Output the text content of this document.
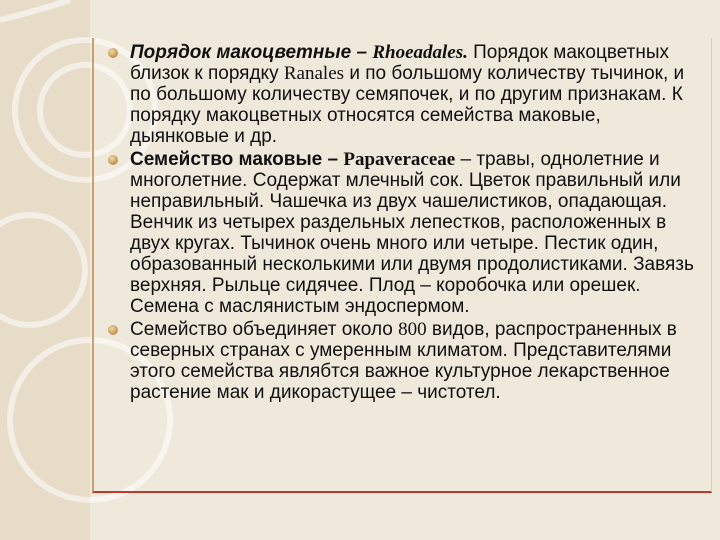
Порядок макоцветные – Rhoeadales. Порядок макоцветных близок к порядку Ranales и по большому количеству тычинок, и по большому количеству семяпочек, и по другим признакам. К порядку макоцветных относятся семейства маковые, дыянковые и др.

Семейство маковые – Papaveraceae – травы, однолетние и многолетние. Содержат млечный сок. Цветок правильный или неправильный. Чашечка из двух чашелистиков, опадающая. Венчик из четырех раздельных лепестков, расположенных в двух кругах. Тычинок очень много или четыре. Пестик один, образованный несколькими или двумя продолистиками. Завязь верхняя. Рыльце сидячее. Плод – коробочка или орешек. Семена с маслянистым эндоспермом.

Семейство объединяет около 800 видов, распространенных в северных странах с умеренным климатом. Представителями этого семейства являбтся важное культурное лекарственное растение мак и дикорастущее – чистотел.
